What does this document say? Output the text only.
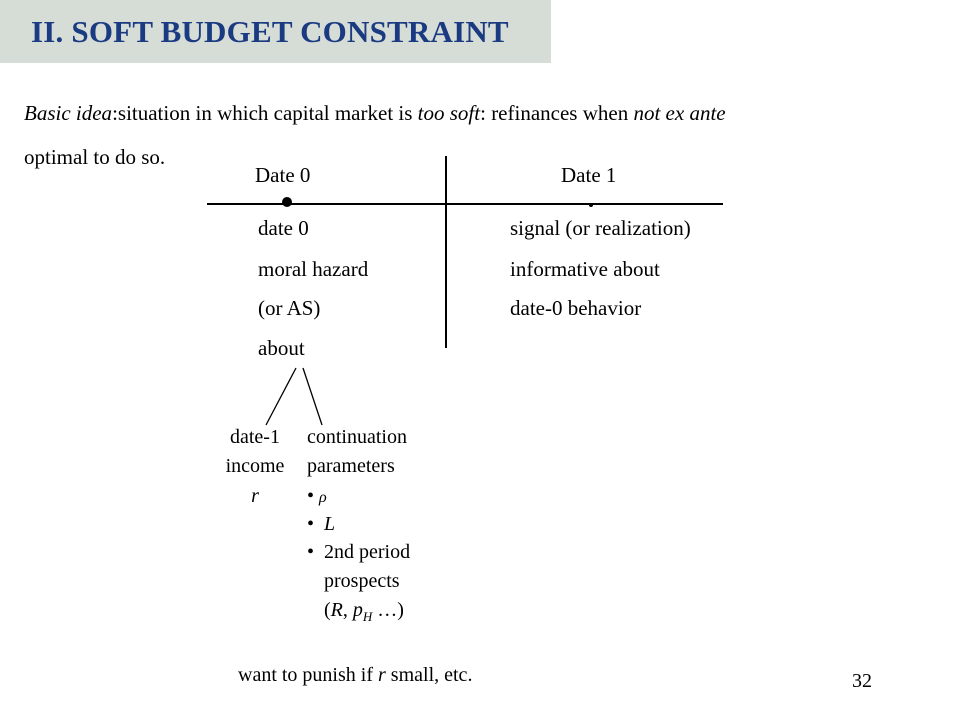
II. SOFT BUDGET CONSTRAINT
Basic idea:situation in which capital market is too soft: refinances when not ex ante
optimal to do so.
Date 0	Date 1
date 0
moral hazard
(or AS)
about
signal (or realization)
informative about
date-0 behavior
date-1
income
r
continuation
parameters
• ρ
•  L
•  2nd period
prospects
(R, $p_H$ …)
want to punish if r small, etc.	32
